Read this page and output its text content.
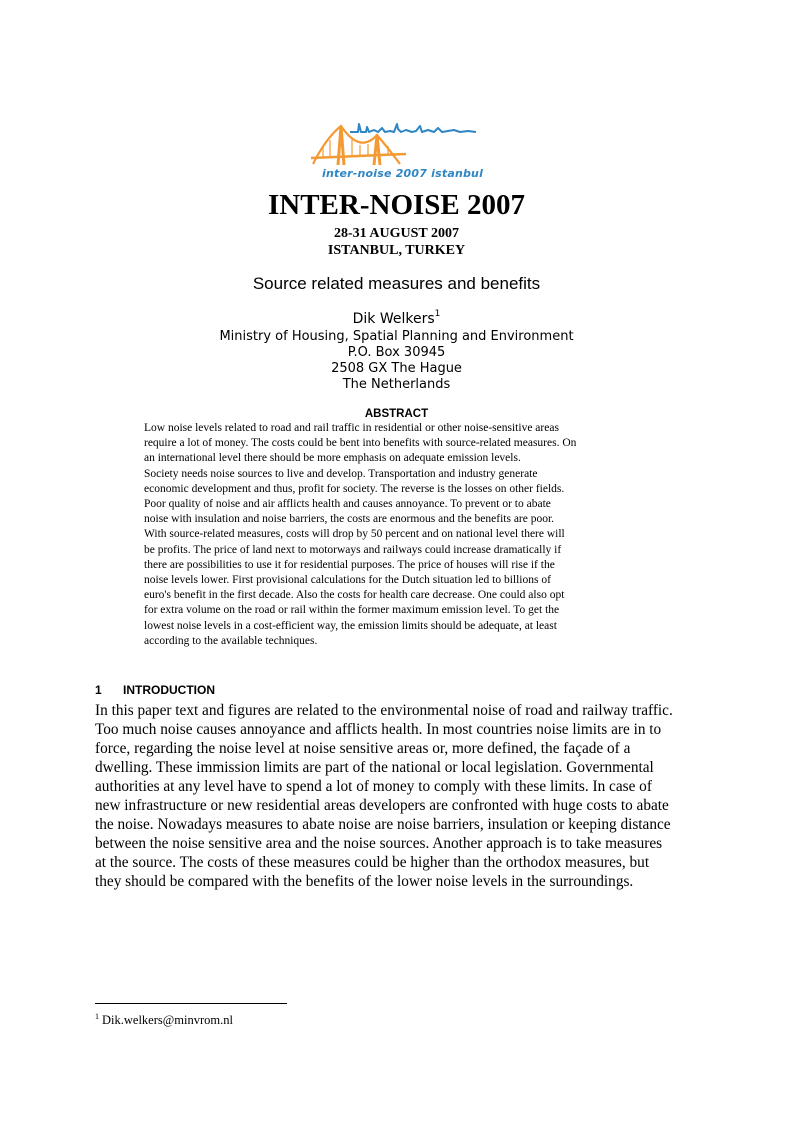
inter-noise 2007 istanbul
INTER-NOISE 2007
28-31 AUGUST 2007
ISTANBUL, TURKEY
Source related measures and benefits
Dik Welkers$^1$
Ministry of Housing, Spatial Planning and Environment
P.O. Box 30945
2508 GX The Hague
The Netherlands
ABSTRACT
Low noise levels related to road and rail traffic in residential or other noise-sensitive areas
require a lot of money. The costs could be bent into benefits with source-related measures. On
an international level there should be more emphasis on adequate emission levels.
Society needs noise sources to live and develop. Transportation and industry generate
economic development and thus, profit for society. The reverse is the losses on other fields.
Poor quality of noise and air afflicts health and causes annoyance. To prevent or to abate
noise with insulation and noise barriers, the costs are enormous and the benefits are poor.
With source-related measures, costs will drop by 50 percent and on national level there will
be profits. The price of land next to motorways and railways could increase dramatically if
there are possibilities to use it for residential purposes. The price of houses will rise if the
noise levels lower. First provisional calculations for the Dutch situation led to billions of
euro's benefit in the first decade. Also the costs for health care decrease. One could also opt
for extra volume on the road or rail within the former maximum emission level. To get the
lowest noise levels in a cost-efficient way, the emission limits should be adequate, at least
according to the available techniques.
1 INTRODUCTION
In this paper text and figures are related to the environmental noise of road and railway traffic.
Too much noise causes annoyance and afflicts health. In most countries noise limits are in to
force, regarding the noise level at noise sensitive areas or, more defined, the façade of a
dwelling. These immission limits are part of the national or local legislation. Governmental
authorities at any level have to spend a lot of money to comply with these limits. In case of
new infrastructure or new residential areas developers are confronted with huge costs to abate
the noise. Nowadays measures to abate noise are noise barriers, insulation or keeping distance
between the noise sensitive area and the noise sources. Another approach is to take measures
at the source. The costs of these measures could be higher than the orthodox measures, but
they should be compared with the benefits of the lower noise levels in the surroundings.
$^1$ Dik.welkers@minvrom.nl
